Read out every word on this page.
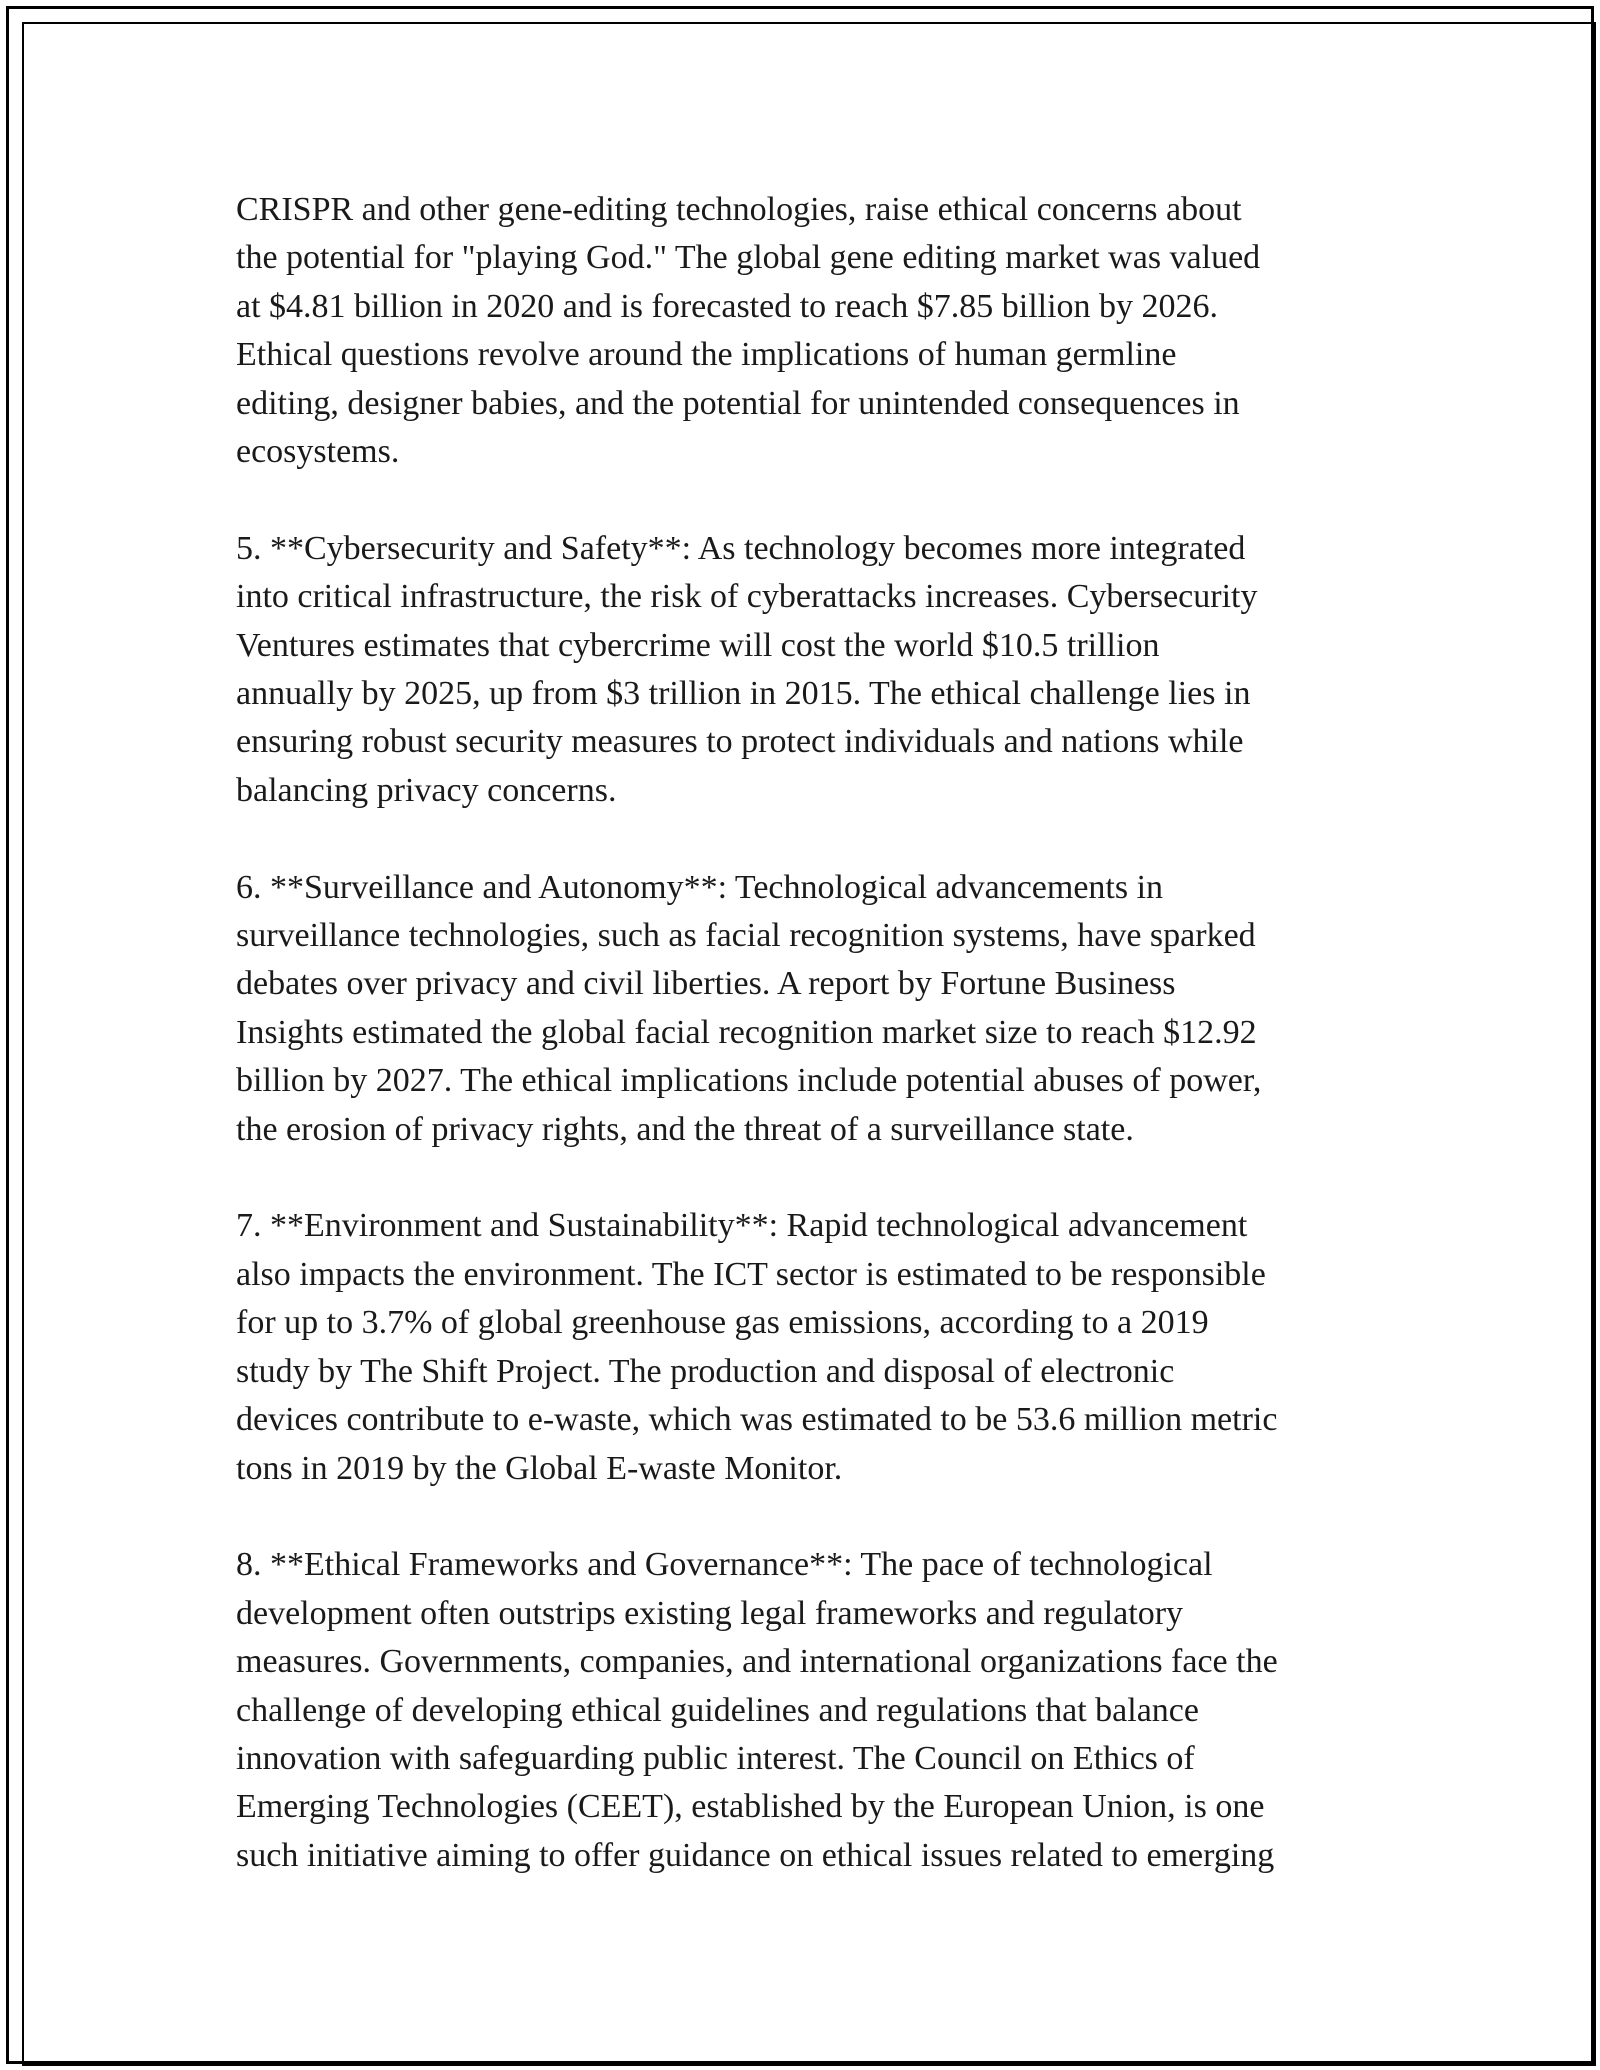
CRISPR and other gene-editing technologies, raise ethical concerns about
the potential for "playing God." The global gene editing market was valued
at $4.81 billion in 2020 and is forecasted to reach $7.85 billion by 2026.
Ethical questions revolve around the implications of human germline
editing, designer babies, and the potential for unintended consequences in
ecosystems.
5. **Cybersecurity and Safety**: As technology becomes more integrated
into critical infrastructure, the risk of cyberattacks increases. Cybersecurity
Ventures estimates that cybercrime will cost the world $10.5 trillion
annually by 2025, up from $3 trillion in 2015. The ethical challenge lies in
ensuring robust security measures to protect individuals and nations while
balancing privacy concerns.
6. **Surveillance and Autonomy**: Technological advancements in
surveillance technologies, such as facial recognition systems, have sparked
debates over privacy and civil liberties. A report by Fortune Business
Insights estimated the global facial recognition market size to reach $12.92
billion by 2027. The ethical implications include potential abuses of power,
the erosion of privacy rights, and the threat of a surveillance state.
7. **Environment and Sustainability**: Rapid technological advancement
also impacts the environment. The ICT sector is estimated to be responsible
for up to 3.7% of global greenhouse gas emissions, according to a 2019
study by The Shift Project. The production and disposal of electronic
devices contribute to e-waste, which was estimated to be 53.6 million metric
tons in 2019 by the Global E-waste Monitor.
8. **Ethical Frameworks and Governance**: The pace of technological
development often outstrips existing legal frameworks and regulatory
measures. Governments, companies, and international organizations face the
challenge of developing ethical guidelines and regulations that balance
innovation with safeguarding public interest. The Council on Ethics of
Emerging Technologies (CEET), established by the European Union, is one
such initiative aiming to offer guidance on ethical issues related to emerging
